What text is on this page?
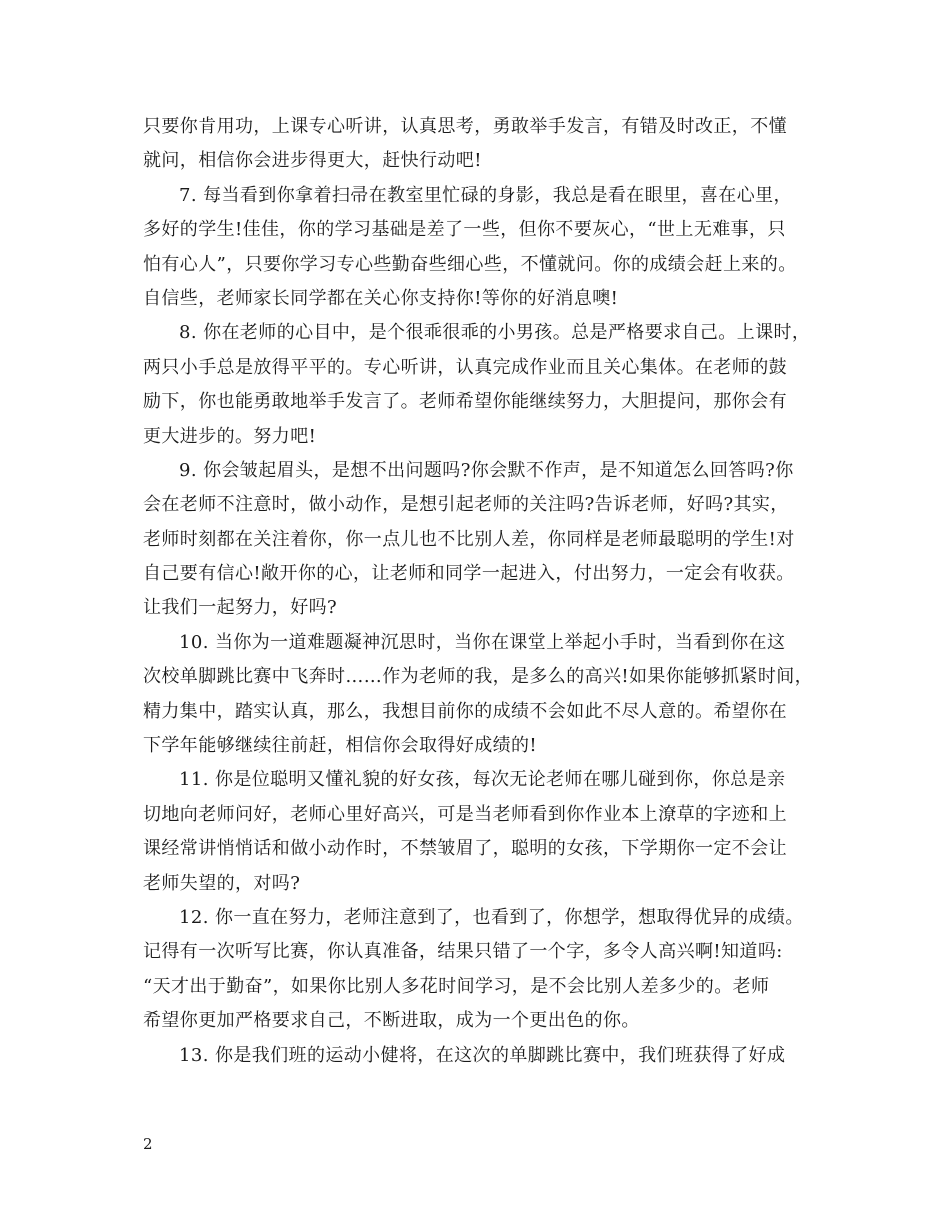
只要你肯用功，上课专心听讲，认真思考，勇敢举手发言，有错及时改正，不懂
就问，相信你会进步得更大，赶快行动吧!
7. 每当看到你拿着扫帚在教室里忙碌的身影，我总是看在眼里，喜在心里，
多好的学生!佳佳，你的学习基础是差了一些，但你不要灰心，“世上无难事，只
怕有心人”，只要你学习专心些勤奋些细心些，不懂就问。你的成绩会赶上来的。
自信些，老师家长同学都在关心你支持你!等你的好消息噢!
8. 你在老师的心目中，是个很乖很乖的小男孩。总是严格要求自己。上课时，
两只小手总是放得平平的。专心听讲，认真完成作业而且关心集体。在老师的鼓
励下，你也能勇敢地举手发言了。老师希望你能继续努力，大胆提问，那你会有
更大进步的。努力吧!
9. 你会皱起眉头，是想不出问题吗?你会默不作声，是不知道怎么回答吗?你
会在老师不注意时，做小动作，是想引起老师的关注吗?告诉老师，好吗?其实，
老师时刻都在关注着你，你一点儿也不比别人差，你同样是老师最聪明的学生!对
自己要有信心!敞开你的心，让老师和同学一起进入，付出努力，一定会有收获。
让我们一起努力，好吗?
10. 当你为一道难题凝神沉思时，当你在课堂上举起小手时，当看到你在这
次校单脚跳比赛中飞奔时……作为老师的我，是多么的高兴!如果你能够抓紧时间，
精力集中，踏实认真，那么，我想目前你的成绩不会如此不尽人意的。希望你在
下学年能够继续往前赶，相信你会取得好成绩的!
11. 你是位聪明又懂礼貌的好女孩，每次无论老师在哪儿碰到你，你总是亲
切地向老师问好，老师心里好高兴，可是当老师看到你作业本上潦草的字迹和上
课经常讲悄悄话和做小动作时，不禁皱眉了，聪明的女孩，下学期你一定不会让
老师失望的，对吗?
12. 你一直在努力，老师注意到了，也看到了，你想学，想取得优异的成绩。
记得有一次听写比赛，你认真准备，结果只错了一个字，多令人高兴啊!知道吗:
“天才出于勤奋”，如果你比别人多花时间学习，是不会比别人差多少的。老师
希望你更加严格要求自己，不断进取，成为一个更出色的你。
13. 你是我们班的运动小健将，在这次的单脚跳比赛中，我们班获得了好成
2
